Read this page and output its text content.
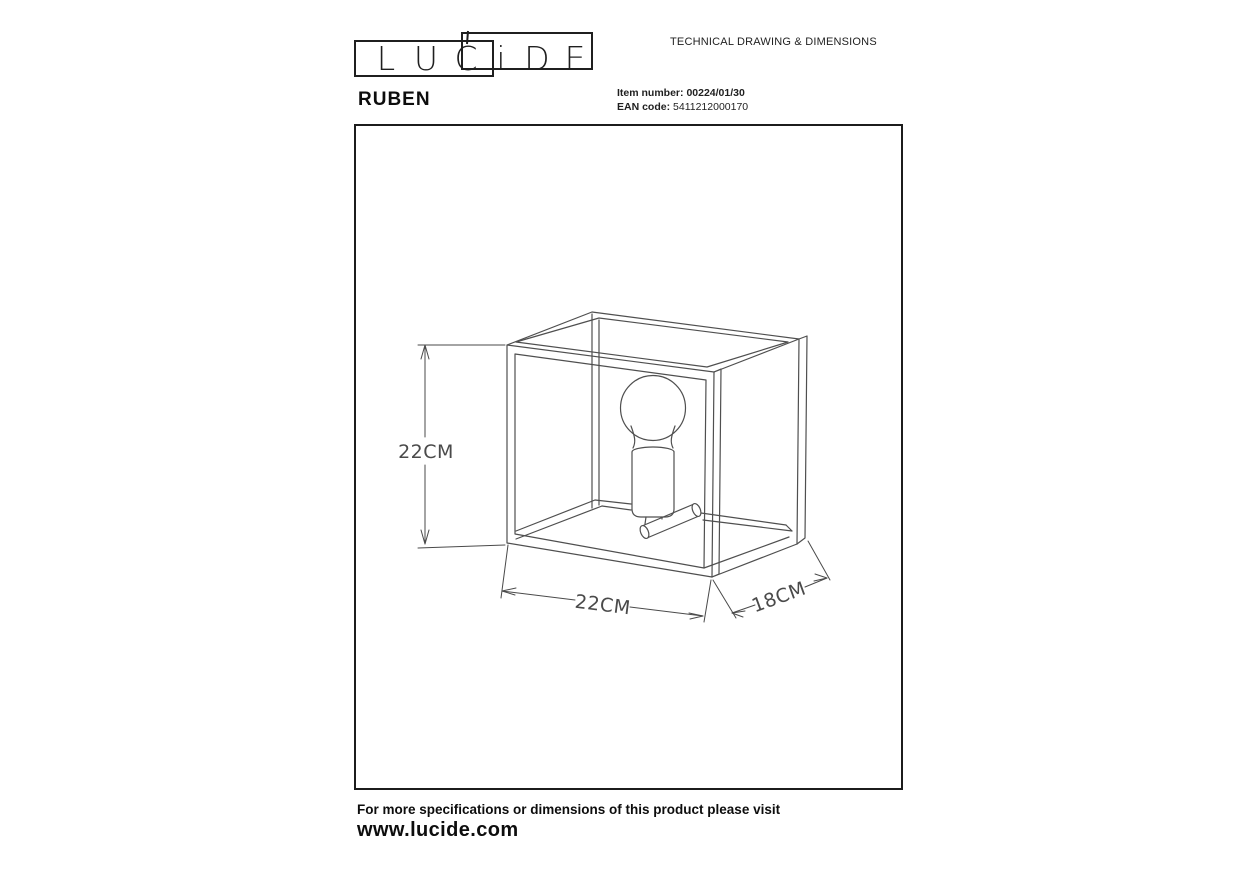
L U C i D E	TECHNICAL DRAWING & DIMENSIONS
RUBEN	Item number: 00224/01/30
EAN code: 5411212000170
22CM
22CM	18CM
For more specifications or dimensions of this product please visit
www.lucide.com
